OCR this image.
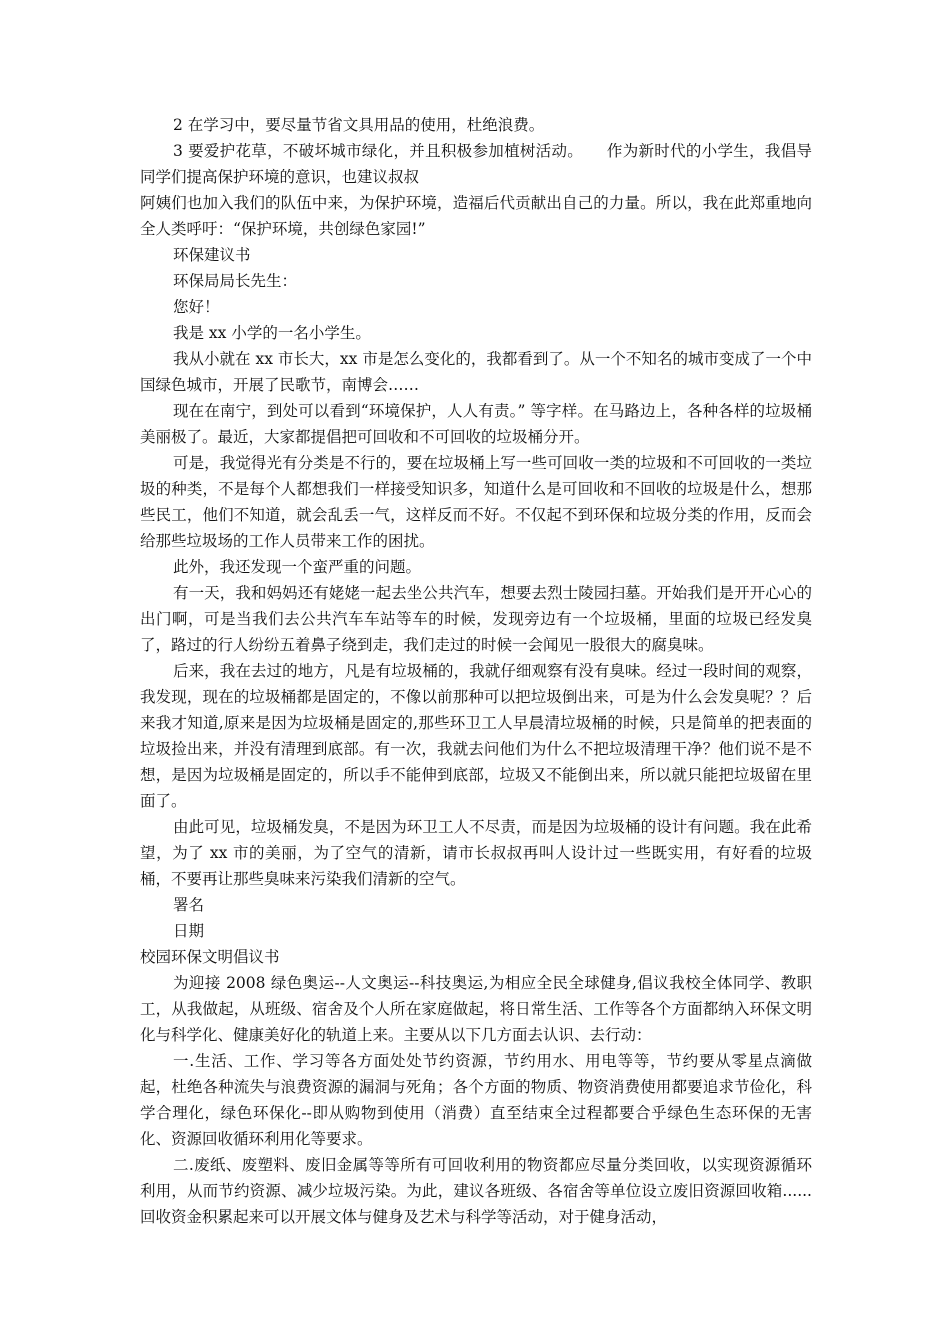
2 在学习中，要尽量节省文具用品的使用，杜绝浪费。

3 要爱护花草，不破坏城市绿化，并且积极参加植树活动。　　作为新时代的小学生，我倡导同学们提高保护环境的意识，也建议叔叔

阿姨们也加入我们的队伍中来，为保护环境，造福后代贡献出自己的力量。所以，我在此郑重地向全人类呼吁：“保护环境，共创绿色家园!”

环保建议书

环保局局长先生：

您好！

我是 xx 小学的一名小学生。

我从小就在 xx 市长大，xx 市是怎么变化的，我都看到了。从一个不知名的城市变成了一个中国绿色城市，开展了民歌节，南博会……

现在在南宁，到处可以看到“环境保护，人人有责。” 等字样。在马路边上，各种各样的垃圾桶美丽极了。最近，大家都提倡把可回收和不可回收的垃圾桶分开。

可是，我觉得光有分类是不行的，要在垃圾桶上写一些可回收一类的垃圾和不可回收的一类垃圾的种类，不是每个人都想我们一样接受知识多，知道什么是可回收和不回收的垃圾是什么，想那些民工，他们不知道，就会乱丢一气，这样反而不好。不仅起不到环保和垃圾分类的作用，反而会给那些垃圾场的工作人员带来工作的困扰。

此外，我还发现一个蛮严重的问题。

有一天，我和妈妈还有姥姥一起去坐公共汽车，想要去烈士陵园扫墓。开始我们是开开心心的出门啊，可是当我们去公共汽车车站等车的时候，发现旁边有一个垃圾桶，里面的垃圾已经发臭了，路过的行人纷纷五着鼻子绕到走，我们走过的时候一会闻见一股很大的腐臭味。

后来，我在去过的地方，凡是有垃圾桶的，我就仔细观察有没有臭味。经过一段时间的观察，我发现，现在的垃圾桶都是固定的，不像以前那种可以把垃圾倒出来，可是为什么会发臭呢？？后来我才知道,原来是因为垃圾桶是固定的,那些环卫工人早晨清垃圾桶的时候，只是简单的把表面的垃圾捡出来，并没有清理到底部。有一次，我就去问他们为什么不把垃圾清理干净？他们说不是不想，是因为垃圾桶是固定的，所以手不能伸到底部，垃圾又不能倒出来，所以就只能把垃圾留在里面了。

由此可见，垃圾桶发臭，不是因为环卫工人不尽责，而是因为垃圾桶的设计有问题。我在此希望，为了 xx 市的美丽，为了空气的清新，请市长叔叔再叫人设计过一些既实用，有好看的垃圾桶，不要再让那些臭味来污染我们清新的空气。

署名

日期

校园环保文明倡议书

为迎接 2008 绿色奥运--人文奥运--科技奥运,为相应全民全球健身,倡议我校全体同学、教职工，从我做起，从班级、宿舍及个人所在家庭做起，将日常生活、工作等各个方面都纳入环保文明化与科学化、健康美好化的轨道上来。主要从以下几方面去认识、去行动：

一.生活、工作、学习等各方面处处节约资源，节约用水、用电等等，节约要从零星点滴做起，杜绝各种流失与浪费资源的漏洞与死角；各个方面的物质、物资消费使用都要追求节俭化，科学合理化，绿色环保化--即从购物到使用（消费）直至结束全过程都要合乎绿色生态环保的无害化、资源回收循环利用化等要求。

二.废纸、废塑料、废旧金属等等所有可回收利用的物资都应尽量分类回收，以实现资源循环利用，从而节约资源、减少垃圾污染。为此，建议各班级、各宿舍等单位设立废旧资源回收箱......回收资金积累起来可以开展文体与健身及艺术与科学等活动，对于健身活动，
